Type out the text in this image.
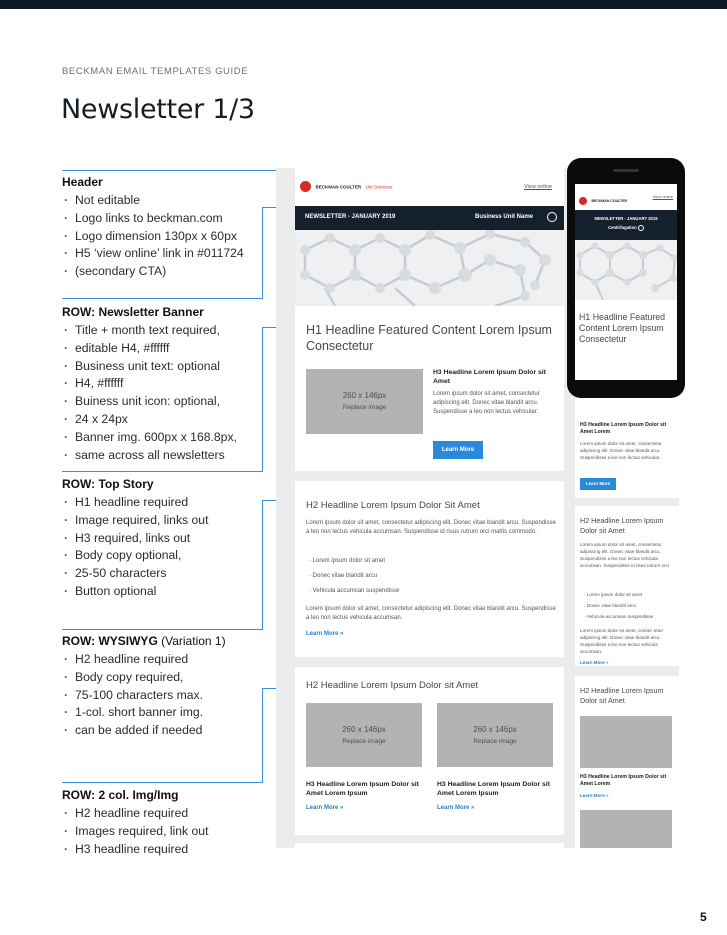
BECKMAN EMAIL TEMPLATES GUIDE
Newsletter 1/3
Header
· Not editable
· Logo links to beckman.com
· Logo dimension 130px x 60px
· H5 ‘view online’ link in #011724
· (secondary CTA)
ROW: Newsletter Banner
· Title + month text required,
· editable H4, #ffffff
· Business unit text: optional
· H4, #ffffff
· Buiness unit icon: optional,
· 24 x 24px
· Banner img. 600px x 168.8px,
· same across all newsletters
ROW: Top Story
· H1 headline required
· Image required, links out
· H3 required, links out
· Body copy optional,
· 25-50 characters
· Button optional
ROW: WYSIWYG (Variation 1)
· H2 headline required
· Body copy required,
· 75-100 characters max.
· 1-col. short banner img.
· can be added if needed
ROW: 2 col. Img/Img
· H2 headline required
· Images required, link out
· H3 headline required
BECKMAN COULTER Life Sciences	View online
NEWSLETTER - JANUARY 2019	Business Unit Name
H1 Headline Featured Content Lorem Ipsum Consectetur
260 x 146px
Replace image
H3 Headline Lorem Ipsum Dolor sit Amet
Lorem ipsum dolor sit amet, consectetur adipiscing elit. Donec vitae blandit arcu. Suspendisse a leo non lectus vehicular.
Learn More
H2 Headline Lorem Ipsum Dolor Sit Amet
Lorem ipsum dolor sit amet, consectetur adipiscing elit. Donec vitae blandit arcu. Suspendisse a leo non lectus vehicula accumsan. Suspendisse id risus rutrum orci mattis commodo.
· Lorem ipsum dolor sit amet
· Donec vitae blandit arcu
· Vehicula accumsan suspendisse
Lorem ipsum dolor sit amet, consectetur adipiscing elit. Donec vitae blandit arcu. Suspendisse a leo non lectus vehicula accumsan.
Learn More »
H2 Headline Lorem Ipsum Dolor sit Amet
260 x 146px
Replace image
260 x 146px
Replace image
H3 Headline Lorem Ipsum Dolor sit Amet Lorem Ipsum
H3 Headline Lorem Ipsum Dolor sit Amet Lorem Ipsum
Learn More »	Learn More »
H3 Headline Lorem Ipsum Dolor sit Amet Lorem
Lorem ipsum dolor sit amet, consectetur adipiscing elit. Donec vitae blandit arcu. Suspendisse a leo non lectus vehicular.
Learn More
H2 Headline Lorem Ipsum Dolor sit Amet
Lorem ipsum dolor sit amet, consectetur adipiscing elit. Donec vitae blandit arcu. Suspendisse a leo non lectus vehicula accumsan. Suspendisse id risus rutrum orci
· Lorem ipsum dolor sit amet
· Donec vitae blandit arcu
· Vehicula accumsan suspendisse
Lorem ipsum dolor sit amet, consec tetur adipiscing elit. Donec vitae blandit arcu. Suspendisse a leo non lectus vehicula accumsan.
Learn More »
H2 Headline Lorem Ipsum Dolor sit Amet
H3 Headline Lorem Ipsum Dolor sit Amet Lorem
Learn More »
BECKMAN COULTER
View online
NEWSLETTER - JANUARY 2019
Centrifugation
H1 Headline Featured Content Lorem Ipsum Consectetur
5
